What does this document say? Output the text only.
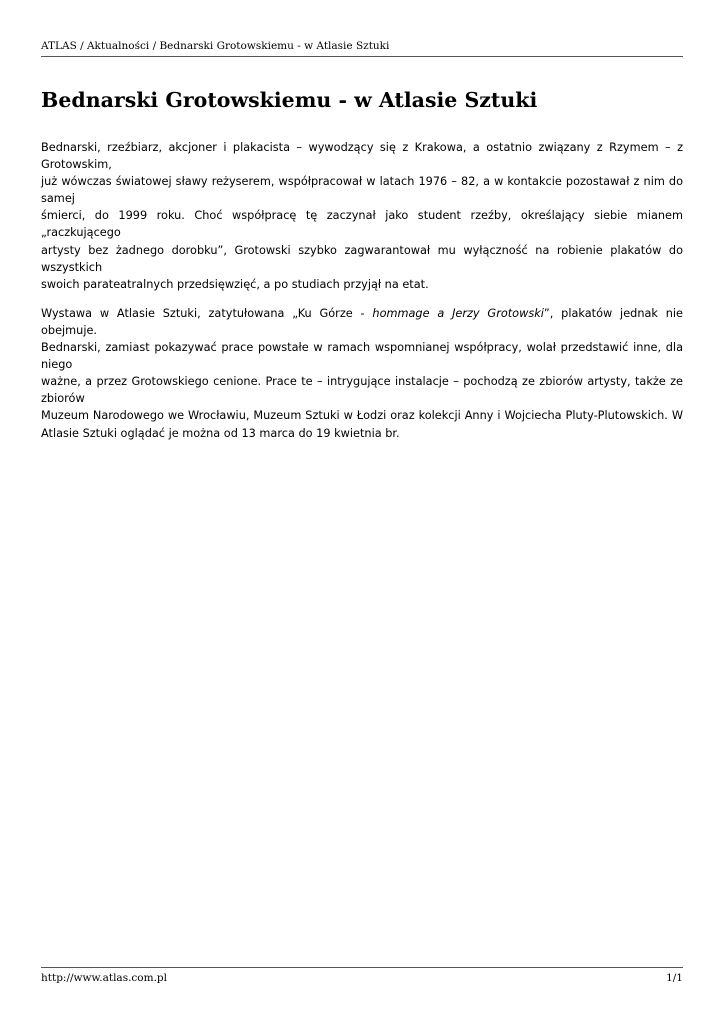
ATLAS / Aktualności / Bednarski Grotowskiemu - w Atlasie Sztuki
Bednarski Grotowskiemu - w Atlasie Sztuki

Bednarski, rzeźbiarz, akcjoner i plakacista – wywodzący się z Krakowa, a ostatnio związany z Rzymem – z Grotowskim,
już wówczas światowej sławy reżyserem, współpracował w latach 1976 – 82, a w kontakcie pozostawał z nim do samej
śmierci, do 1999 roku. Choć współpracę tę zaczynał jako student rzeźby, określający siebie mianem „raczkującego
artysty bez żadnego dorobku”, Grotowski szybko zagwarantował mu wyłączność na robienie plakatów do wszystkich
swoich parateatralnych przedsięwzięć, a po studiach przyjął na etat.

Wystawa w Atlasie Sztuki, zatytułowana „Ku Górze - hommage a Jerzy Grotowski”, plakatów jednak nie obejmuje.
Bednarski, zamiast pokazywać prace powstałe w ramach wspomnianej współpracy, wolał przedstawić inne, dla niego
ważne, a przez Grotowskiego cenione. Prace te – intrygujące instalacje – pochodzą ze zbiorów artysty, także ze zbiorów
Muzeum Narodowego we Wrocławiu, Muzeum Sztuki w Łodzi oraz kolekcji Anny i Wojciecha Pluty-Plutowskich. W
Atlasie Sztuki oglądać je można od 13 marca do 19 kwietnia br.

http://www.atlas.com.pl	1/1
